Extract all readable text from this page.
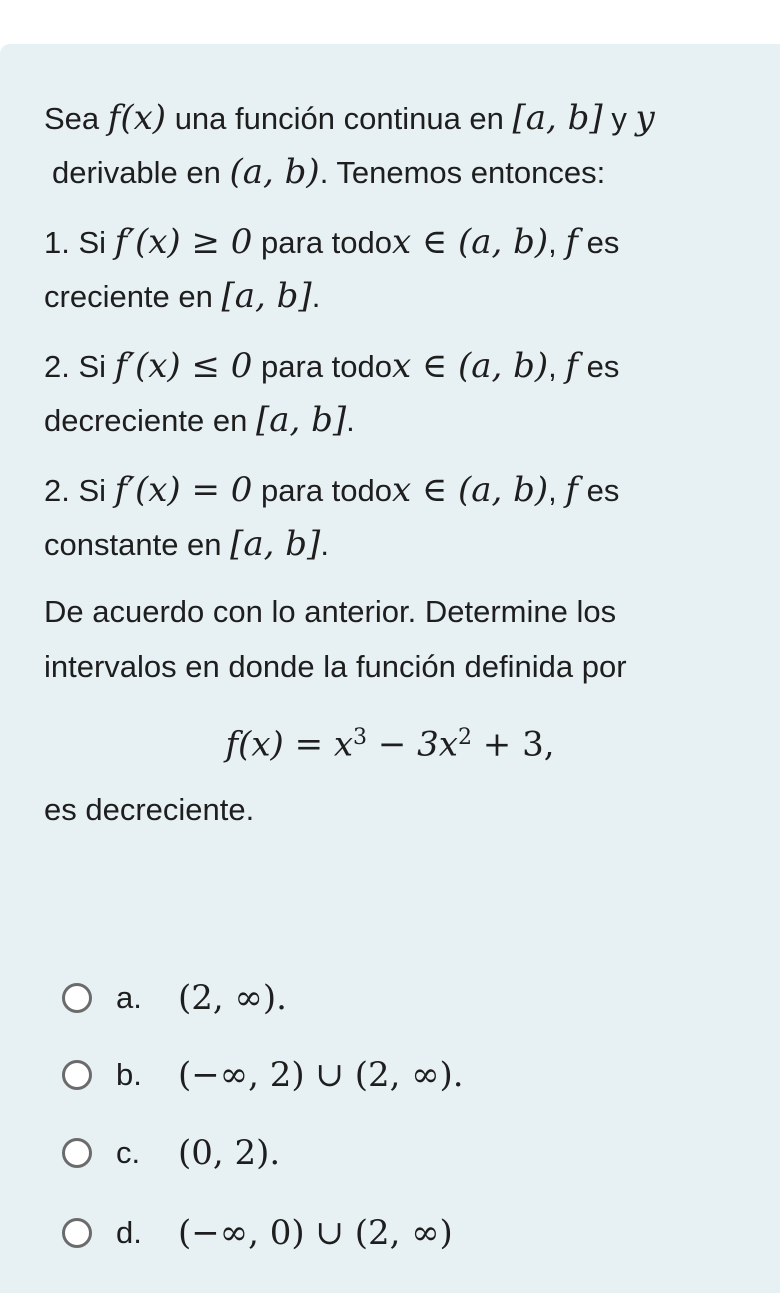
Sea f(x) una función continua en [a, b] y y
derivable en (a, b). Tenemos entonces:
1. Si f′(x) ≥ 0 para todox ∈ (a, b), f es
creciente en [a, b].
2. Si f′(x) ≤ 0 para todox ∈ (a, b), f es
decreciente en [a, b].
2. Si f′(x) = 0 para todox ∈ (a, b), f es
constante en [a, b].
De acuerdo con lo anterior. Determine los
intervalos en donde la función definida por
$f(x) = x^3 - 3x^2 + 3$,
es decreciente.
a.	(2, ∞).
b.	(−∞, 2) ∪ (2, ∞).
c.	(0, 2).
d.	(−∞, 0) ∪ (2, ∞)
